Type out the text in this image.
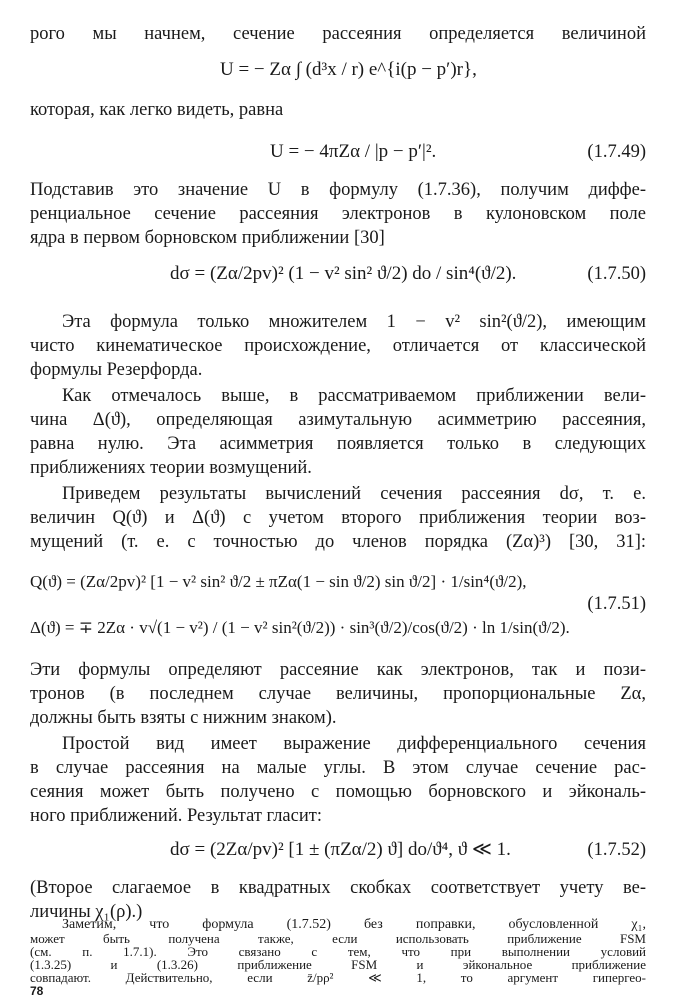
рого мы начнем, сечение рассеяния определяется величиной
U = − Zα ∫ (d³x / r) e^{i(p − p′)r},
которая, как легко видеть, равна
U = − 4πZα / |p − p′|².	(1.7.49)
Подставив это значение U в формулу (1.7.36), получим диффе-
ренциальное сечение рассеяния электронов в кулоновском поле
ядра в первом борновском приближении [30]
dσ = (Zα/2pv)² (1 − v² sin² ϑ/2) do / sin⁴(ϑ/2).	(1.7.50)
Эта формула только множителем 1 − v² sin²(ϑ/2), имеющим
чисто кинематическое происхождение, отличается от классической
формулы Резерфорда.
Как отмечалось выше, в рассматриваемом приближении вели-
чина Δ(ϑ), определяющая азимутальную асимметрию рассеяния,
равна нулю. Эта асимметрия появляется только в следующих
приближениях теории возмущений.
Приведем результаты вычислений сечения рассеяния dσ, т. е.
величин Q(ϑ) и Δ(ϑ) с учетом второго приближения теории воз-
мущений (т. е. с точностью до членов порядка (Zα)³) [30, 31]:
Q(ϑ) = (Zα/2pv)² [1 − v² sin² ϑ/2 ± πZα(1 − sin ϑ/2) sin ϑ/2] · 1/sin⁴(ϑ/2),
(1.7.51)
Δ(ϑ) = ∓ 2Zα · v√(1 − v²) / (1 − v² sin²(ϑ/2)) · sin³(ϑ/2)/cos(ϑ/2) · ln 1/sin(ϑ/2).
Эти формулы определяют рассеяние как электронов, так и пози-
тронов (в последнем случае величины, пропорциональные Zα,
должны быть взяты с нижним знаком).
Простой вид имеет выражение дифференциального сечения
в случае рассеяния на малые углы. В этом случае сечение рас-
сеяния может быть получено с помощью борновского и эйкональ-
ного приближений. Результат гласит:
dσ = (2Zα/pv)² [1 ± (πZα/2) ϑ] do/ϑ⁴, ϑ ≪ 1.	(1.7.52)
(Второе слагаемое в квадратных скобках соответствует учету ве-
личины χ₁(ρ).)
Заметим, что формула (1.7.52) без поправки, обусловленной χ₁,
78
может быть получена также, если использовать приближение FSM
(см. п. 1.7.1). Это связано с тем, что при выполнении условий
(1.3.25) и (1.3.26) приближение FSM и эйкональное приближение
совпадают. Действительно, если z̄/pρ² ≪ 1, то аргумент гипергео-
